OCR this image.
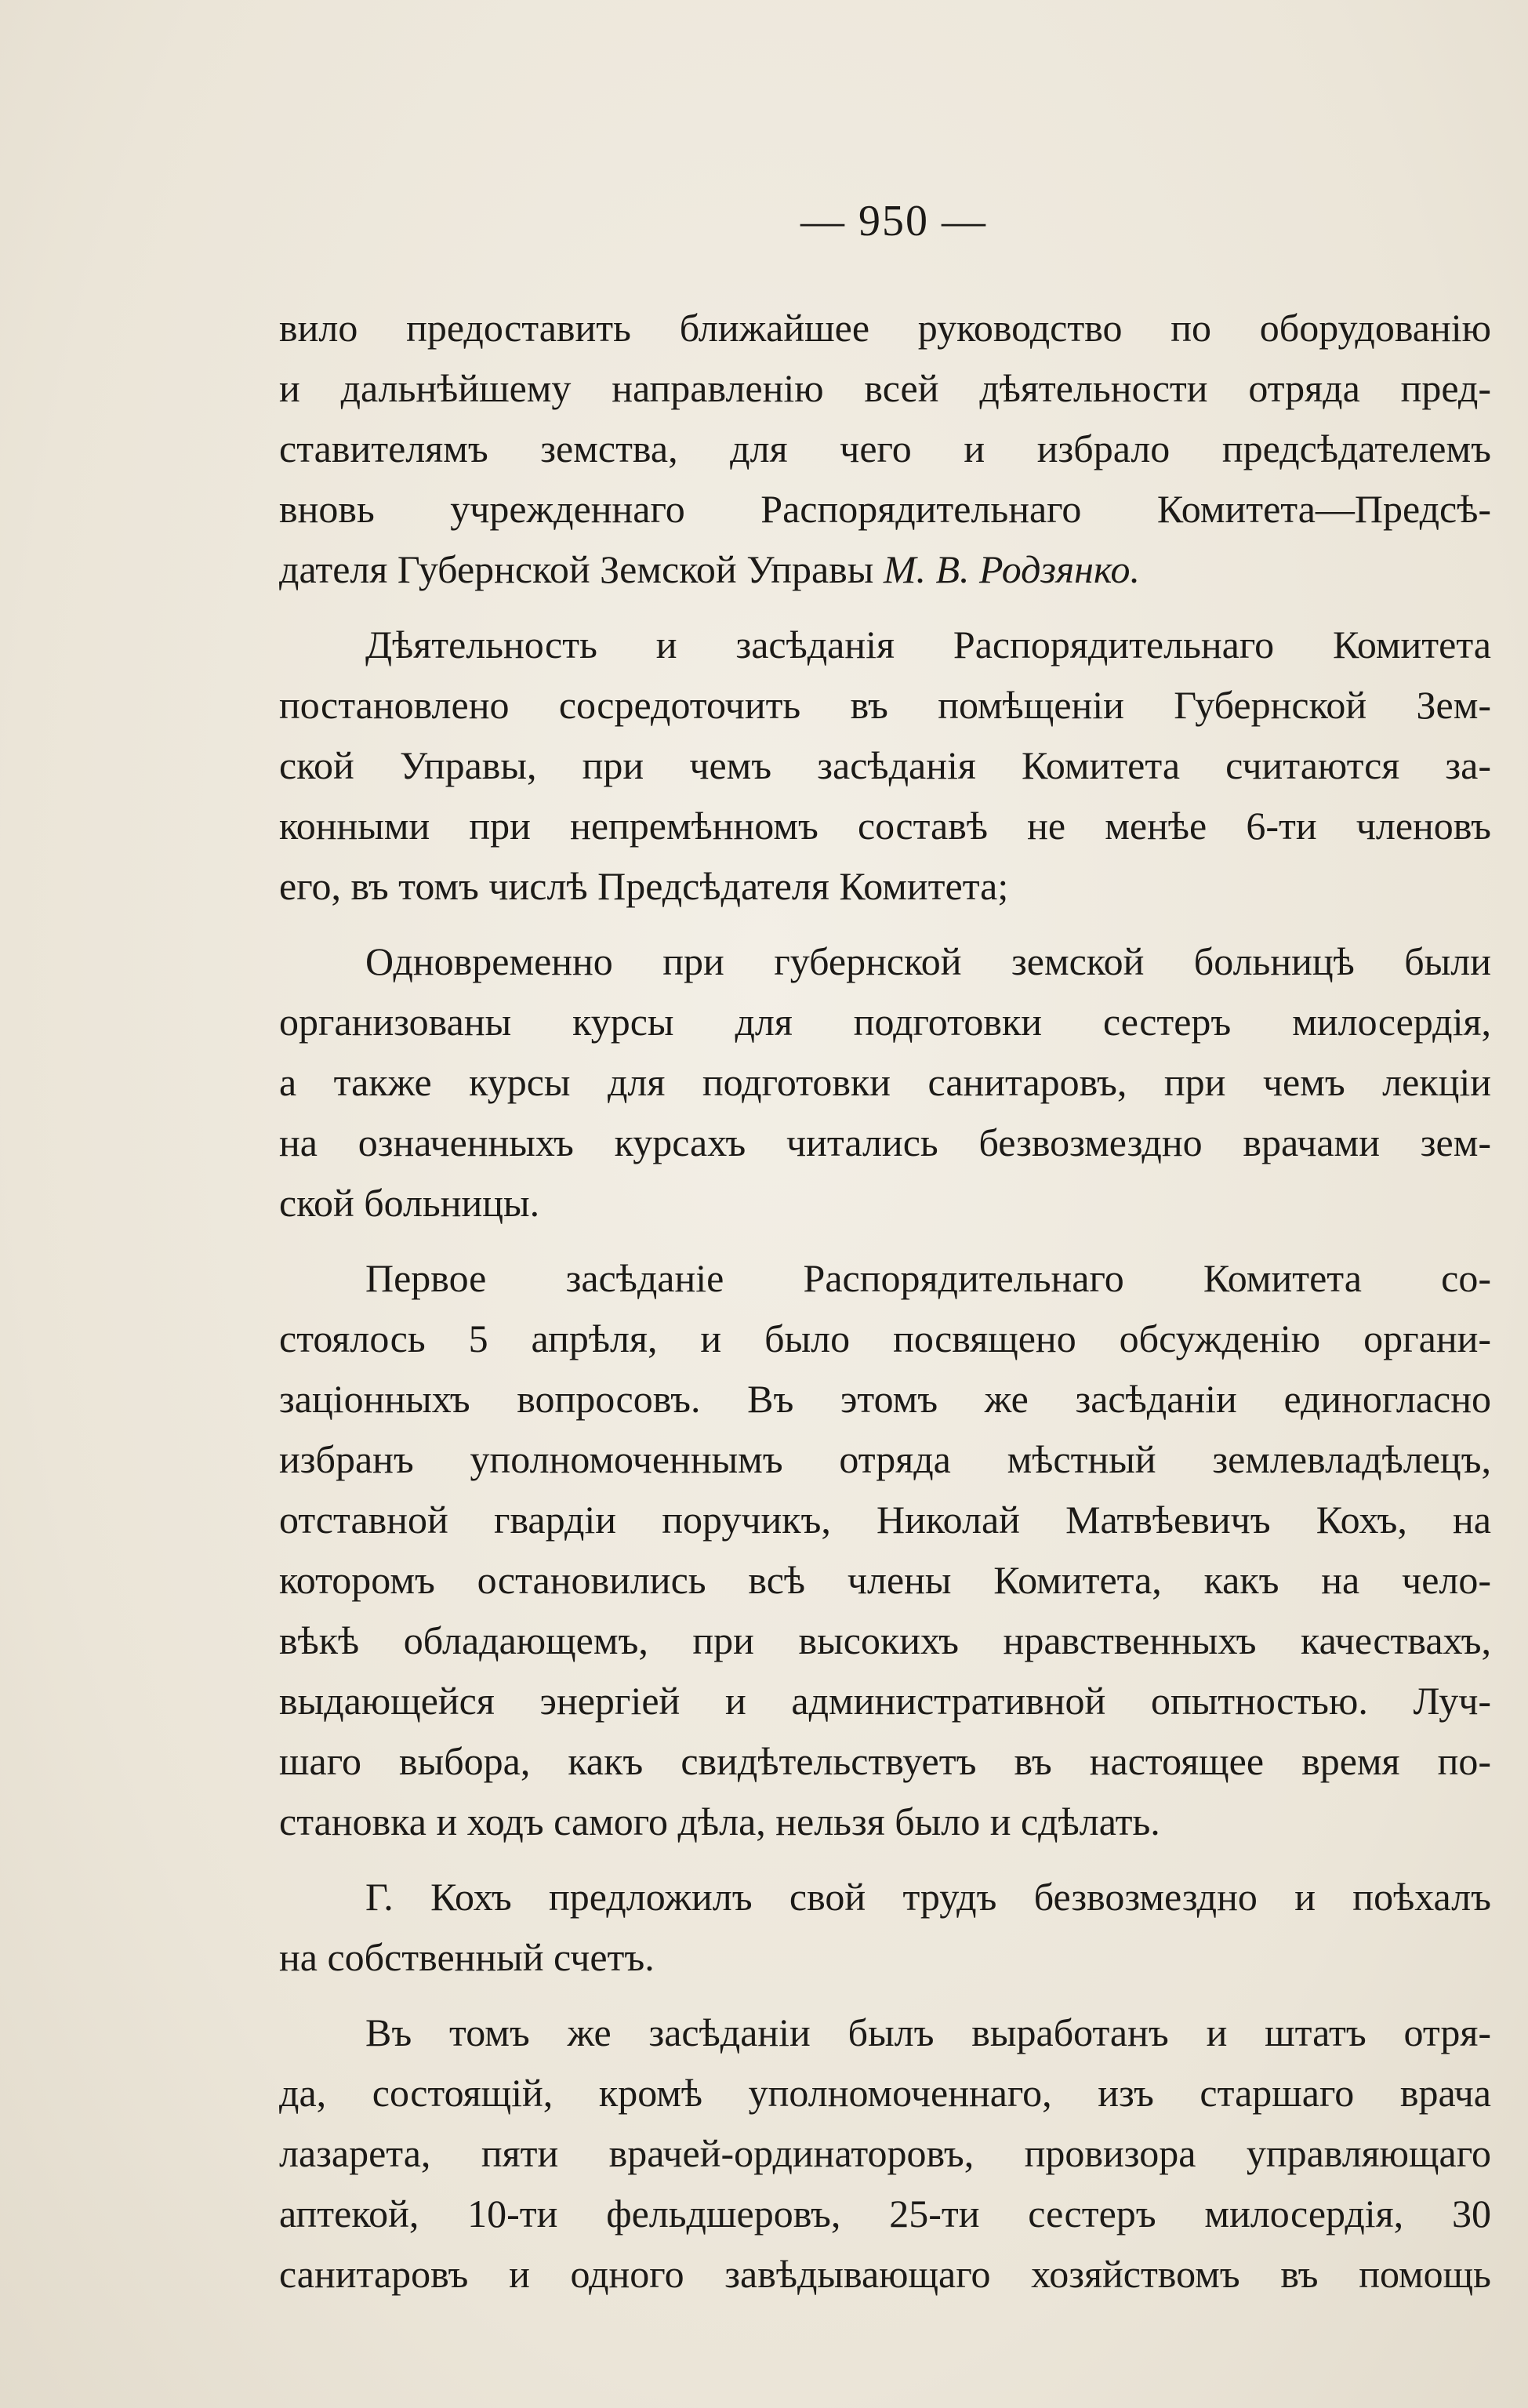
— 950 —
вило предоставить ближайшее руководство по оборудованію
и дальнѣйшему направленію всей дѣятельности отряда пред-
ставителямъ земства, для чего и избрало предсѣдателемъ
вновь учрежденнаго Распорядительнаго Комитета—Предсѣ-
дателя Губернской Земской Управы М. В. Родзянко.
Дѣятельность и засѣданія Распорядительнаго Комитета
постановлено сосредоточить въ помѣщеніи Губернской Зем-
ской Управы, при чемъ засѣданія Комитета считаются за-
конными при непремѣнномъ составѣ не менѣе 6-ти членовъ
его, въ томъ числѣ Предсѣдателя Комитета;
Одновременно при губернской земской больницѣ были
организованы курсы для подготовки сестеръ милосердія,
а также курсы для подготовки санитаровъ, при чемъ лекціи
на означенныхъ курсахъ читались безвозмездно врачами зем-
ской больницы.
Первое засѣданіе Распорядительнаго Комитета со-
стоялось 5 апрѣля, и было посвящено обсужденію органи-
заціонныхъ вопросовъ. Въ этомъ же засѣданіи единогласно
избранъ уполномоченнымъ отряда мѣстный землевладѣлецъ,
отставной гвардіи поручикъ, Николай Матвѣевичъ Кохъ, на
которомъ остановились всѣ члены Комитета, какъ на чело-
вѣкѣ обладающемъ, при высокихъ нравственныхъ качествахъ,
выдающейся энергіей и административной опытностью. Луч-
шаго выбора, какъ свидѣтельствуетъ въ настоящее время по-
становка и ходъ самого дѣла, нельзя было и сдѣлать.
Г. Кохъ предложилъ свой трудъ безвозмездно и поѣхалъ
на собственный счетъ.
Въ томъ же засѣданіи былъ выработанъ и штатъ отря-
да, состоящій, кромѣ уполномоченнаго, изъ старшаго врача
лазарета, пяти врачей-ординаторовъ, провизора управляющаго
аптекой, 10-ти фельдшеровъ, 25-ти сестеръ милосердія, 30
санитаровъ и одного завѣдывающаго хозяйствомъ въ помощь
